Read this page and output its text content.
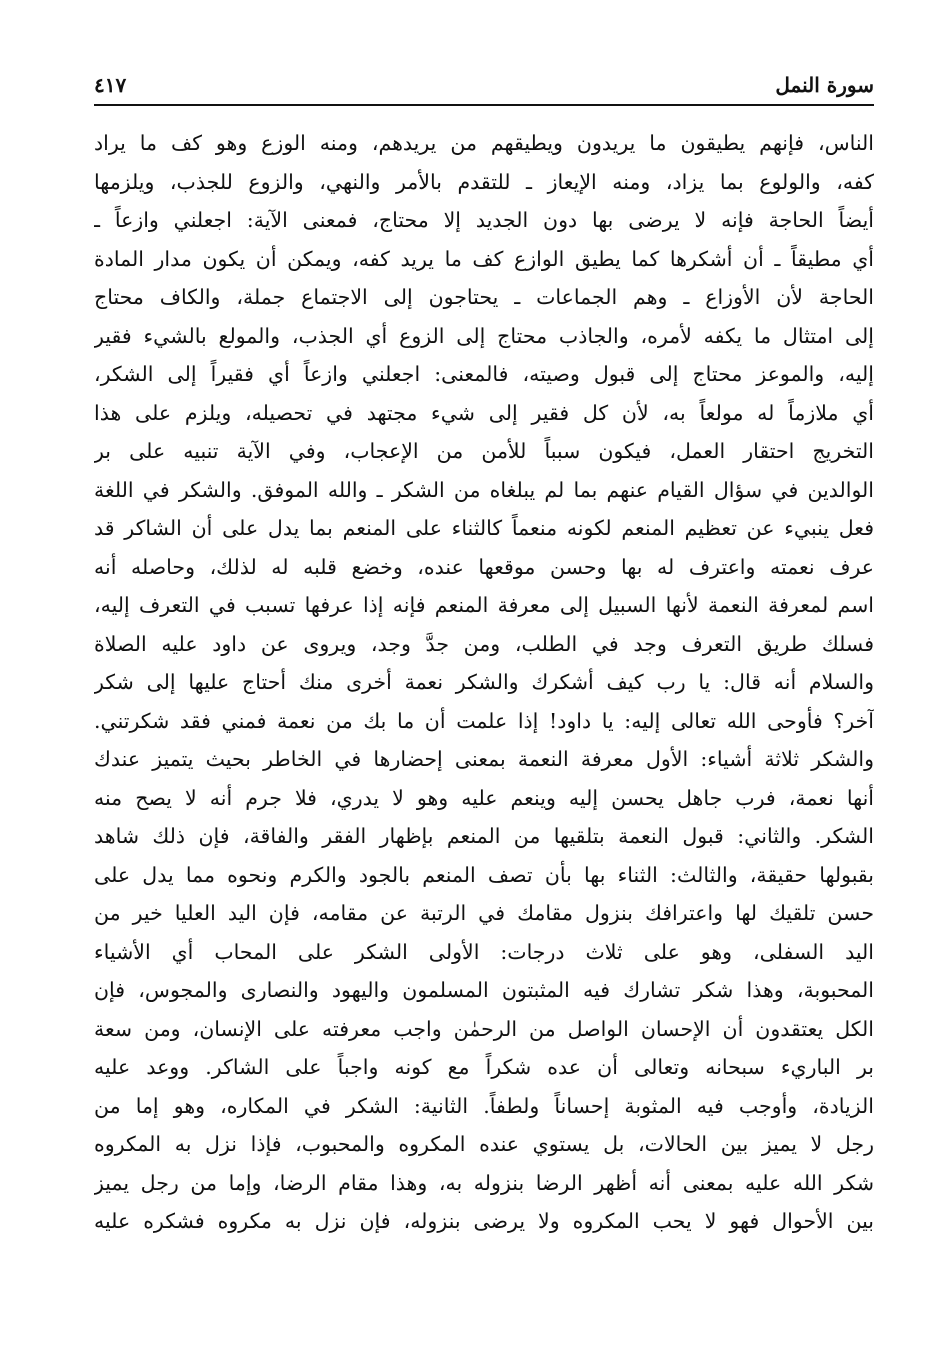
سورة النمل
٤١٧
الناس، فإنهم يطيقون ما يريدون ويطيقهم من يريدهم، ومنه الوزع وهو كف ما يراد
كفه، والولوع بما يزاد، ومنه الإيعاز ـ للتقدم بالأمر والنهي، والزوع للجذب، ويلزمها
أيضاً الحاجة فإنه لا يرضى بها دون الجديد إلا محتاج، فمعنى الآية: اجعلني وازعاً ـ
أي مطيقاً ـ أن أشكرها كما يطيق الوازع كف ما يريد كفه، ويمكن أن يكون مدار المادة
الحاجة لأن الأوزاع ـ وهم الجماعات ـ يحتاجون إلى الاجتماع جملة، والكاف محتاج
إلى امتثال ما يكفه لأمره، والجاذب محتاج إلى الزوع أي الجذب، والمولع بالشيء فقير
إليه، والموعز محتاج إلى قبول وصيته، فالمعنى: اجعلني وازعاً أي فقيراً إلى الشكر،
أي ملازماً له مولعاً به، لأن كل فقير إلى شيء مجتهد في تحصيله، ويلزم على هذا
التخريج احتقار العمل، فيكون سبباً للأمن من الإعجاب، وفي الآية تنبيه على بر
الوالدين في سؤال القيام عنهم بما لم يبلغاه من الشكر ـ والله الموفق. والشكر في اللغة
فعل ينبيء عن تعظيم المنعم لكونه منعماً كالثناء على المنعم بما يدل على أن الشاكر قد
عرف نعمته واعترف له بها وحسن موقعها عنده، وخضع قلبه له لذلك، وحاصله أنه
اسم لمعرفة النعمة لأنها السبيل إلى معرفة المنعم فإنه إذا عرفها تسبب في التعرف إليه،
فسلك طريق التعرف وجد في الطلب، ومن جدَّ وجد، ويروى عن داود عليه الصلاة
والسلام أنه قال: يا رب كيف أشكرك والشكر نعمة أخرى منك أحتاج عليها إلى شكر
آخر؟ فأوحى الله تعالى إليه: يا داود! إذا علمت أن ما بك من نعمة فمني فقد شكرتني.
والشكر ثلاثة أشياء: الأول معرفة النعمة بمعنى إحضارها في الخاطر بحيث يتميز عندك
أنها نعمة، فرب جاهل يحسن إليه وينعم عليه وهو لا يدري، فلا جرم أنه لا يصح منه
الشكر. والثاني: قبول النعمة بتلقيها من المنعم بإظهار الفقر والفاقة، فإن ذلك شاهد
بقبولها حقيقة، والثالث: الثناء بها بأن تصف المنعم بالجود والكرم ونحوه مما يدل على
حسن تلقيك لها واعترافك بنزول مقامك في الرتبة عن مقامه، فإن اليد العليا خير من
اليد السفلى، وهو على ثلاث درجات: الأولى الشكر على المحاب أي الأشياء
المحبوبة، وهذا شكر تشارك فيه المثبتون المسلمون واليهود والنصارى والمجوس، فإن
الكل يعتقدون أن الإحسان الواصل من الرحمٰن واجب معرفته على الإنسان، ومن سعة
بر الباريء سبحانه وتعالى أن عده شكراً مع كونه واجباً على الشاكر. ووعد عليه
الزيادة، وأوجب فيه المثوبة إحساناً ولطفاً. الثانية: الشكر في المكاره، وهو إما من
رجل لا يميز بين الحالات، بل يستوي عنده المكروه والمحبوب، فإذا نزل به المكروه
شكر الله عليه بمعنى أنه أظهر الرضا بنزوله به، وهذا مقام الرضا، وإما من رجل يميز
بين الأحوال فهو لا يحب المكروه ولا يرضى بنزوله، فإن نزل به مكروه فشكره عليه
